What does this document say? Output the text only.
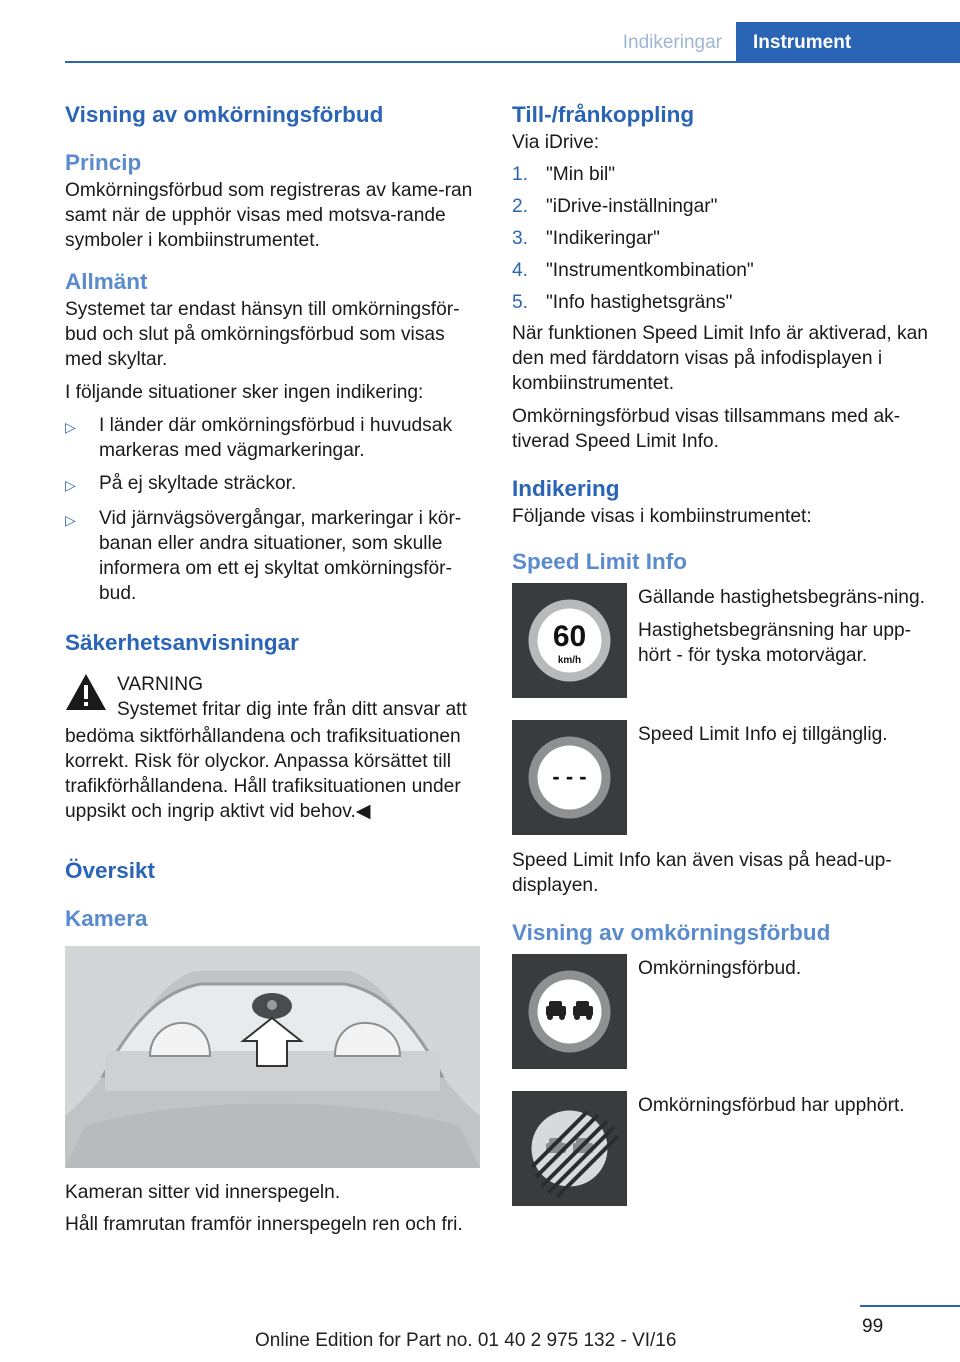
Indikeringar	Instrument
Visning av omkörningsförbud
Princip

Omkörningsförbud som registreras av kame‐ran samt när de upphör visas med motsva‐rande symboler i kombiinstrumentet.

Allmänt

Systemet tar endast hänsyn till omkörningsför‐bud och slut på omkörningsförbud som visas med skyltar.

I följande situationer sker ingen indikering:

▷	I länder där omkörningsförbud i huvudsak markeras med vägmarkeringar.
▷	På ej skyltade sträckor.
▷	Vid järnvägsövergångar, markeringar i kör‐banan eller andra situationer, som skulle informera om ett ej skyltat omkörningsför‐bud.
Säkerhetsanvisningar

VARNING

Systemet fritar dig inte från ditt ansvar att

bedöma siktförhållandena och trafiksituationen korrekt. Risk för olyckor. Anpassa körsättet till trafikförhållandena. Håll trafiksituationen under uppsikt och ingrip aktivt vid behov.◀

Översikt
Kamera

Kameran sitter vid innerspegeln.

Håll framrutan framför innerspegeln ren och fri.

Till-/frånkoppling

Via iDrive:

1. "Min bil"
2. "iDrive-inställningar"
3. "Indikeringar"
4. "Instrumentkombination"
5. "Info hastighetsgräns"

När funktionen Speed Limit Info är aktiverad, kan den med färddatorn visas på infodisplayen i kombiinstrumentet.

Omkörningsförbud visas tillsammans med ak‐tiverad Speed Limit Info.

Indikering

Följande visas i kombiinstrumentet:

Speed Limit Info
60
km/h

Gällande hastighetsbegräns‐ning.

Hastighetsbegränsning har upp‐hört - för tyska motorvägar.

- - -

Speed Limit Info ej tillgänglig.

Speed Limit Info kan även visas på head-up-displayen.

Visning av omkörningsförbud

Omkörningsförbud.

Omkörningsförbud har upphört.

99
Online Edition for Part no. 01 40 2 975 132 - VI/16
